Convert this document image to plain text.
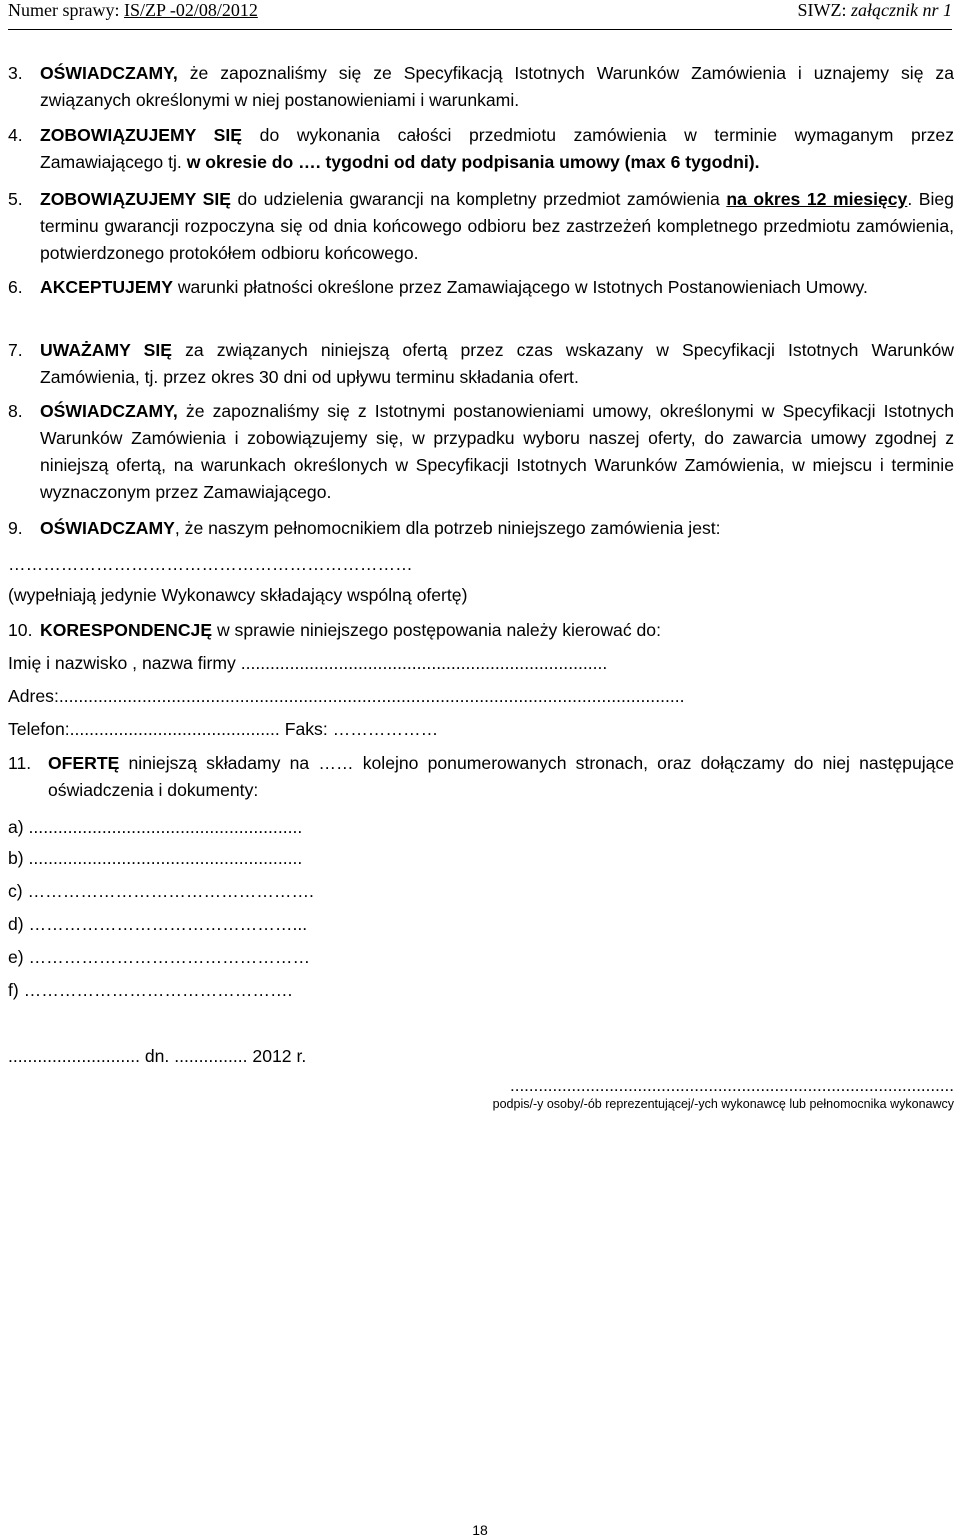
Numer sprawy: IS/ZP -02/08/2012	SIWZ: załącznik nr 1
3. OŚWIADCZAMY, że zapoznaliśmy się ze Specyfikacją Istotnych Warunków Zamówienia i uznajemy się za związanych określonymi w niej postanowieniami i warunkami.
4. ZOBOWIĄZUJEMY SIĘ do wykonania całości przedmiotu zamówienia w terminie wymaganym przez Zamawiającego tj. w okresie do …. tygodni od daty podpisania umowy (max 6 tygodni).
5. ZOBOWIĄZUJEMY SIĘ do udzielenia gwarancji na kompletny przedmiot zamówienia na okres 12 miesięcy. Bieg terminu gwarancji rozpoczyna się od dnia końcowego odbioru bez zastrzeżeń kompletnego przedmiotu zamówienia, potwierdzonego protokółem odbioru końcowego.
6. AKCEPTUJEMY warunki płatności określone przez Zamawiającego w Istotnych Postanowieniach Umowy.
7. UWAŻAMY SIĘ za związanych niniejszą ofertą przez czas wskazany w Specyfikacji Istotnych Warunków Zamówienia, tj. przez okres 30 dni od upływu terminu składania ofert.
8. OŚWIADCZAMY, że zapoznaliśmy się z Istotnymi postanowieniami umowy, określonymi w Specyfikacji Istotnych Warunków Zamówienia i zobowiązujemy się, w przypadku wyboru naszej oferty, do zawarcia umowy zgodnej z niniejszą ofertą, na warunkach określonych w Specyfikacji Istotnych Warunków Zamówienia, w miejscu i terminie wyznaczonym przez Zamawiającego.
9. OŚWIADCZAMY, że naszym pełnomocnikiem dla potrzeb niniejszego zamówienia jest:
……………………………………………………………
(wypełniają jedynie Wykonawcy składający wspólną ofertę)
10. KORESPONDENCJĘ w sprawie niniejszego postępowania należy kierować do:
Imię i nazwisko , nazwa firmy ...........................................................................
Adres:................................................................................................................................
Telefon:........................................... Faks: ………………
11. OFERTĘ niniejszą składamy na …… kolejno ponumerowanych stronach, oraz dołączamy do niej następujące oświadczenia i dokumenty:
a) ........................................................
b) ........................................................
c) ………………………………………….
d) ………………………………………...
e) …………………………………………
f) ……………………………………….
........................... dn. ............... 2012 r.
..............................................................................................
podpis/-y osoby/-ób reprezentującej/-ych wykonawcę lub pełnomocnika wykonawcy
18
